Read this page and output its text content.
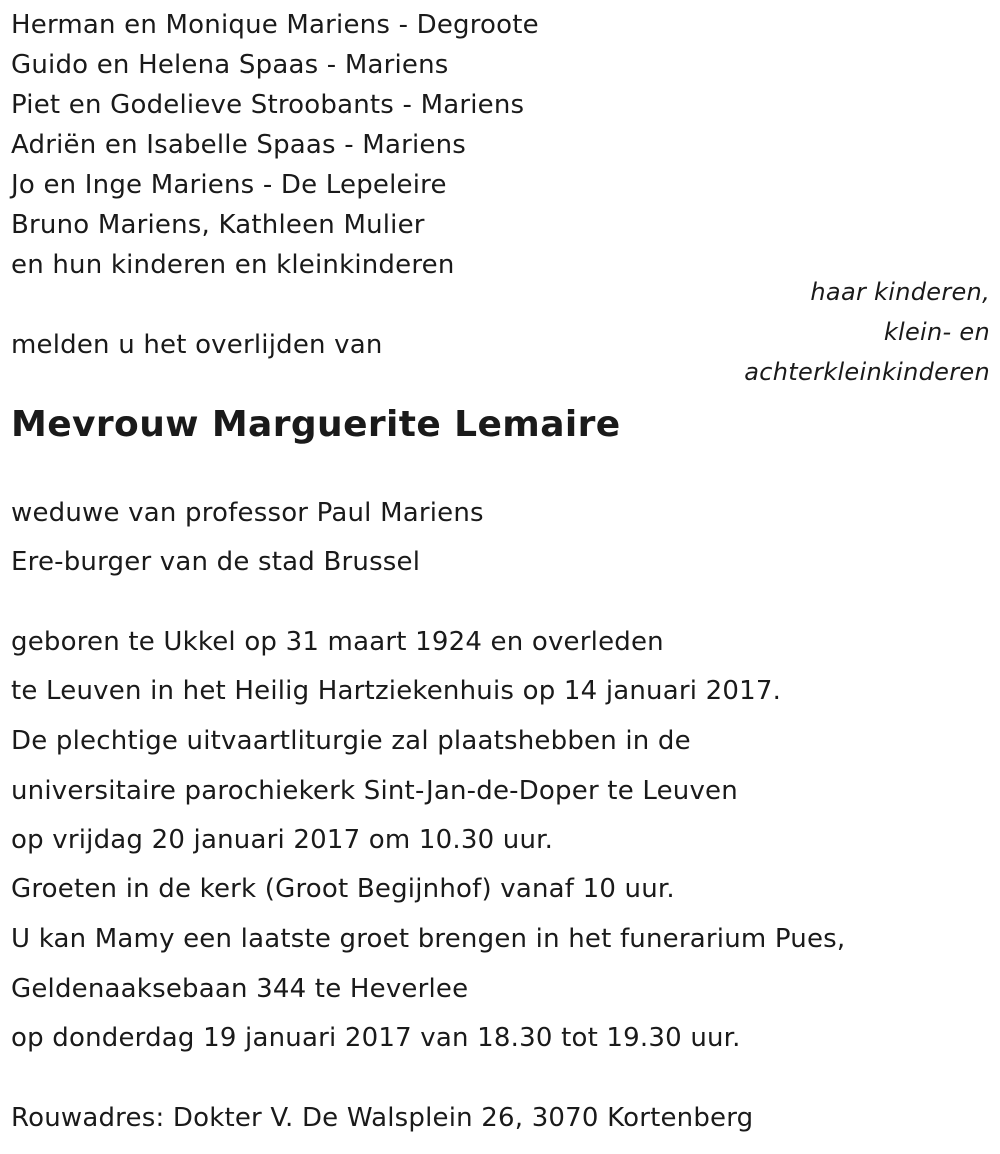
Herman en Monique Mariens - Degroote
Guido en Helena Spaas - Mariens
Piet en Godelieve Stroobants - Mariens
Adriën en Isabelle Spaas - Mariens
Jo en Inge Mariens - De Lepeleire
Bruno Mariens, Kathleen Mulier
en hun kinderen en kleinkinderen
haar kinderen,
klein- en
achterkleinkinderen
melden u het overlijden van
Mevrouw Marguerite Lemaire
weduwe van professor Paul Mariens
Ere-burger van de stad Brussel
geboren te Ukkel op 31 maart 1924 en overleden
te Leuven in het Heilig Hartziekenhuis op 14 januari 2017.
De plechtige uitvaartliturgie zal plaatshebben in de
universitaire parochiekerk Sint-Jan-de-Doper te Leuven
op vrijdag 20 januari 2017 om 10.30 uur.
Groeten in de kerk (Groot Begijnhof) vanaf 10 uur.
U kan Mamy een laatste groet brengen in het funerarium Pues,
Geldenaaksebaan 344 te Heverlee
op donderdag 19 januari 2017 van 18.30 tot 19.30 uur.
Rouwadres: Dokter V. De Walsplein 26, 3070 Kortenberg
